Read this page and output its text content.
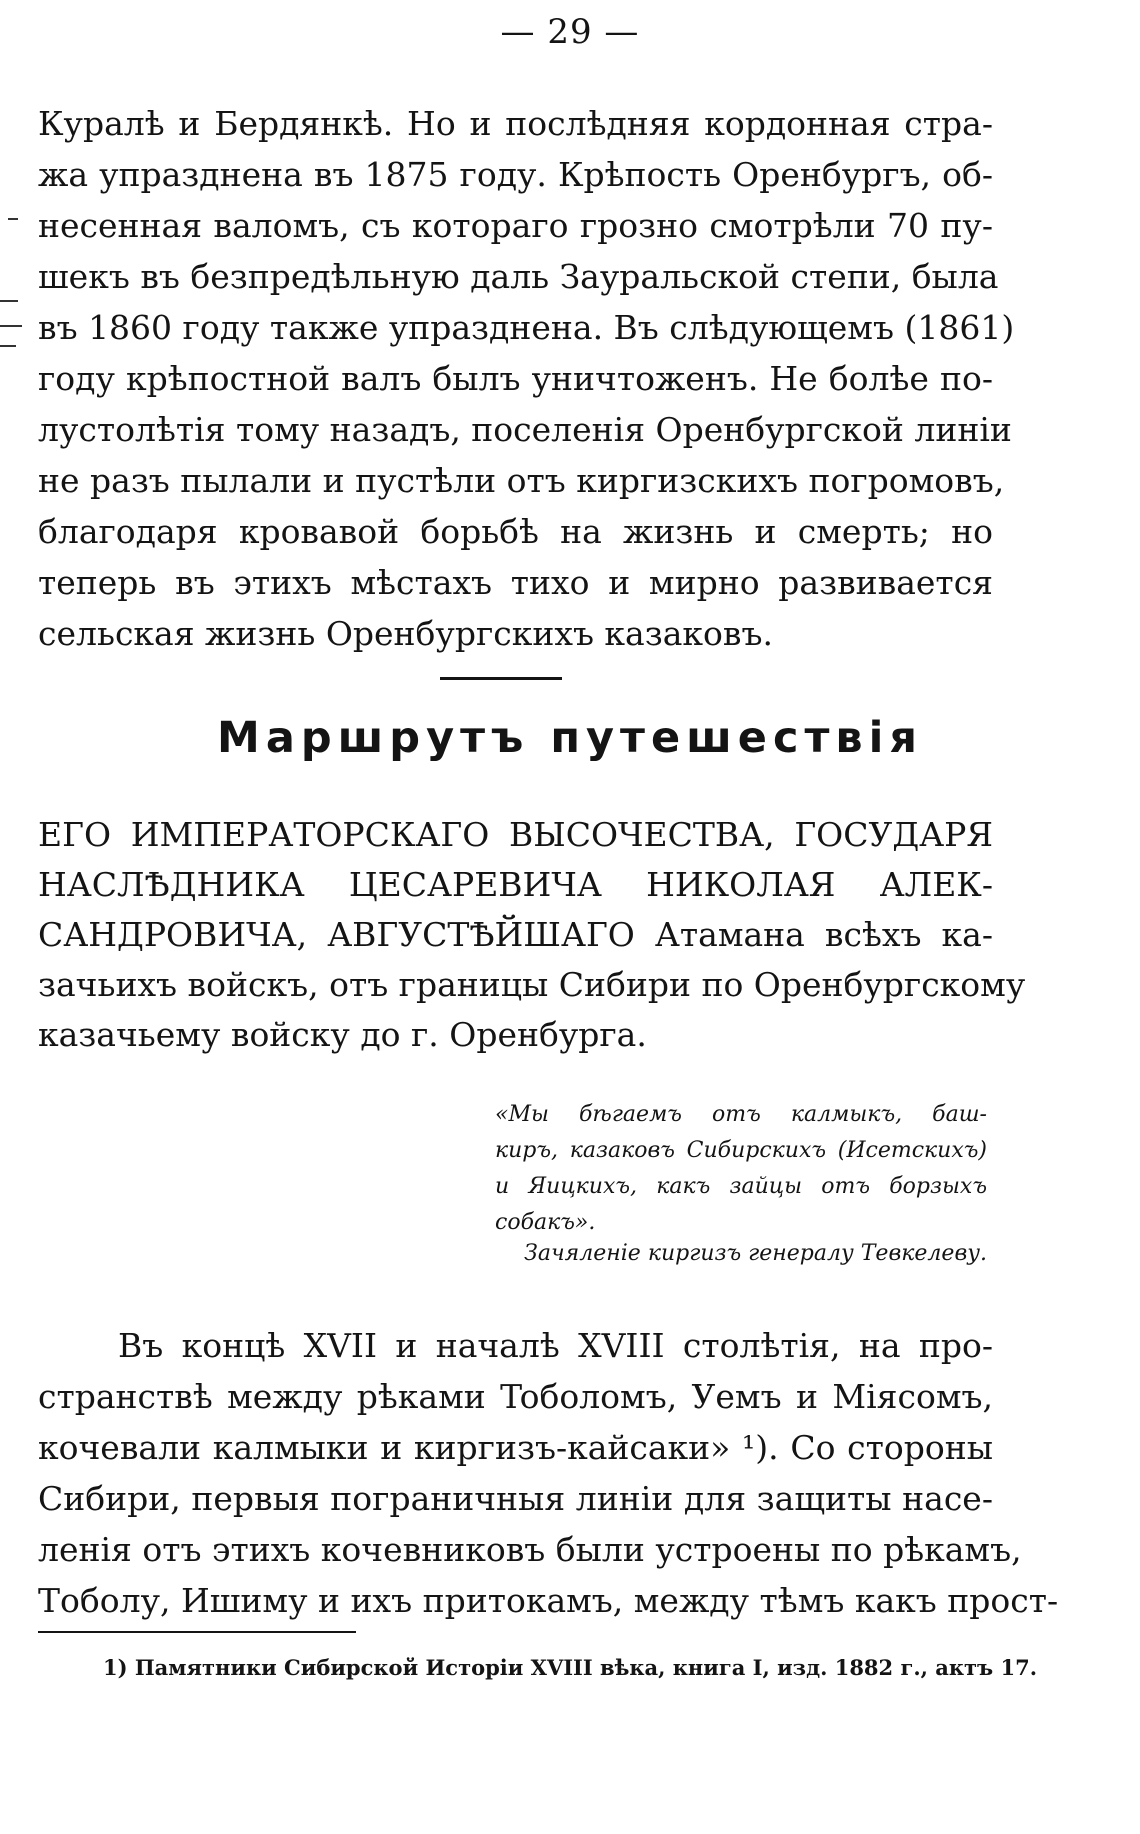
— 29 —
Куралѣ и Бердянкѣ. Но и послѣдняя кордонная стра-
жа упразднена въ 1875 году. Крѣпость Оренбургъ, об-
несенная валомъ, съ котораго грозно смотрѣли 70 пу-
шекъ въ безпредѣльную даль Зауральской степи, была
въ 1860 году также упразднена. Въ слѣдующемъ (1861)
году крѣпостной валъ былъ уничтоженъ. Не болѣе по-
лустолѣтія тому назадъ, поселенія Оренбургской линіи
не разъ пылали и пустѣли отъ киргизскихъ погромовъ,
благодаря кровавой борьбѣ на жизнь и смерть; но
теперь въ этихъ мѣстахъ тихо и мирно развивается
сельская жизнь Оренбургскихъ казаковъ.
Маршрутъ путешествія
ЕГО ИМПЕРАТОРСКАГО ВЫСОЧЕСТВА, ГОСУДАРЯ
НАСЛѢДНИКА ЦЕСАРЕВИЧА НИКОЛАЯ АЛЕК-
САНДРОВИЧА, АВГУСТѢЙШАГО Атамана всѣхъ ка-
зачьихъ войскъ, отъ границы Сибири по Оренбургскому
казачьему войску до г. Оренбурга.
«Мы бѣгаемъ отъ калмыкъ, баш-
киръ, казаковъ Сибирскихъ (Исетскихъ)
и Яицкихъ, какъ зайцы отъ борзыхъ
собакъ».
Зачяленіе киргизъ генералу Тевкелеву.
Въ концѣ XVII и началѣ XVIII столѣтія, на про-
странствѣ между рѣками Toболомъ, Уемъ и Міясомъ,
кочевали калмыки и киргизъ-кайсаки» ¹). Со стороны
Сибири, первыя пограничныя линіи для защиты насе-
ленія отъ этихъ кочевниковъ были устроены по рѣкамъ,
Тоболу, Ишиму и ихъ притокамъ, между тѣмъ какъ прост-
1) Памятники Сибирской Исторіи XVIII вѣка, книга I, изд. 1882 г., актъ 17.
